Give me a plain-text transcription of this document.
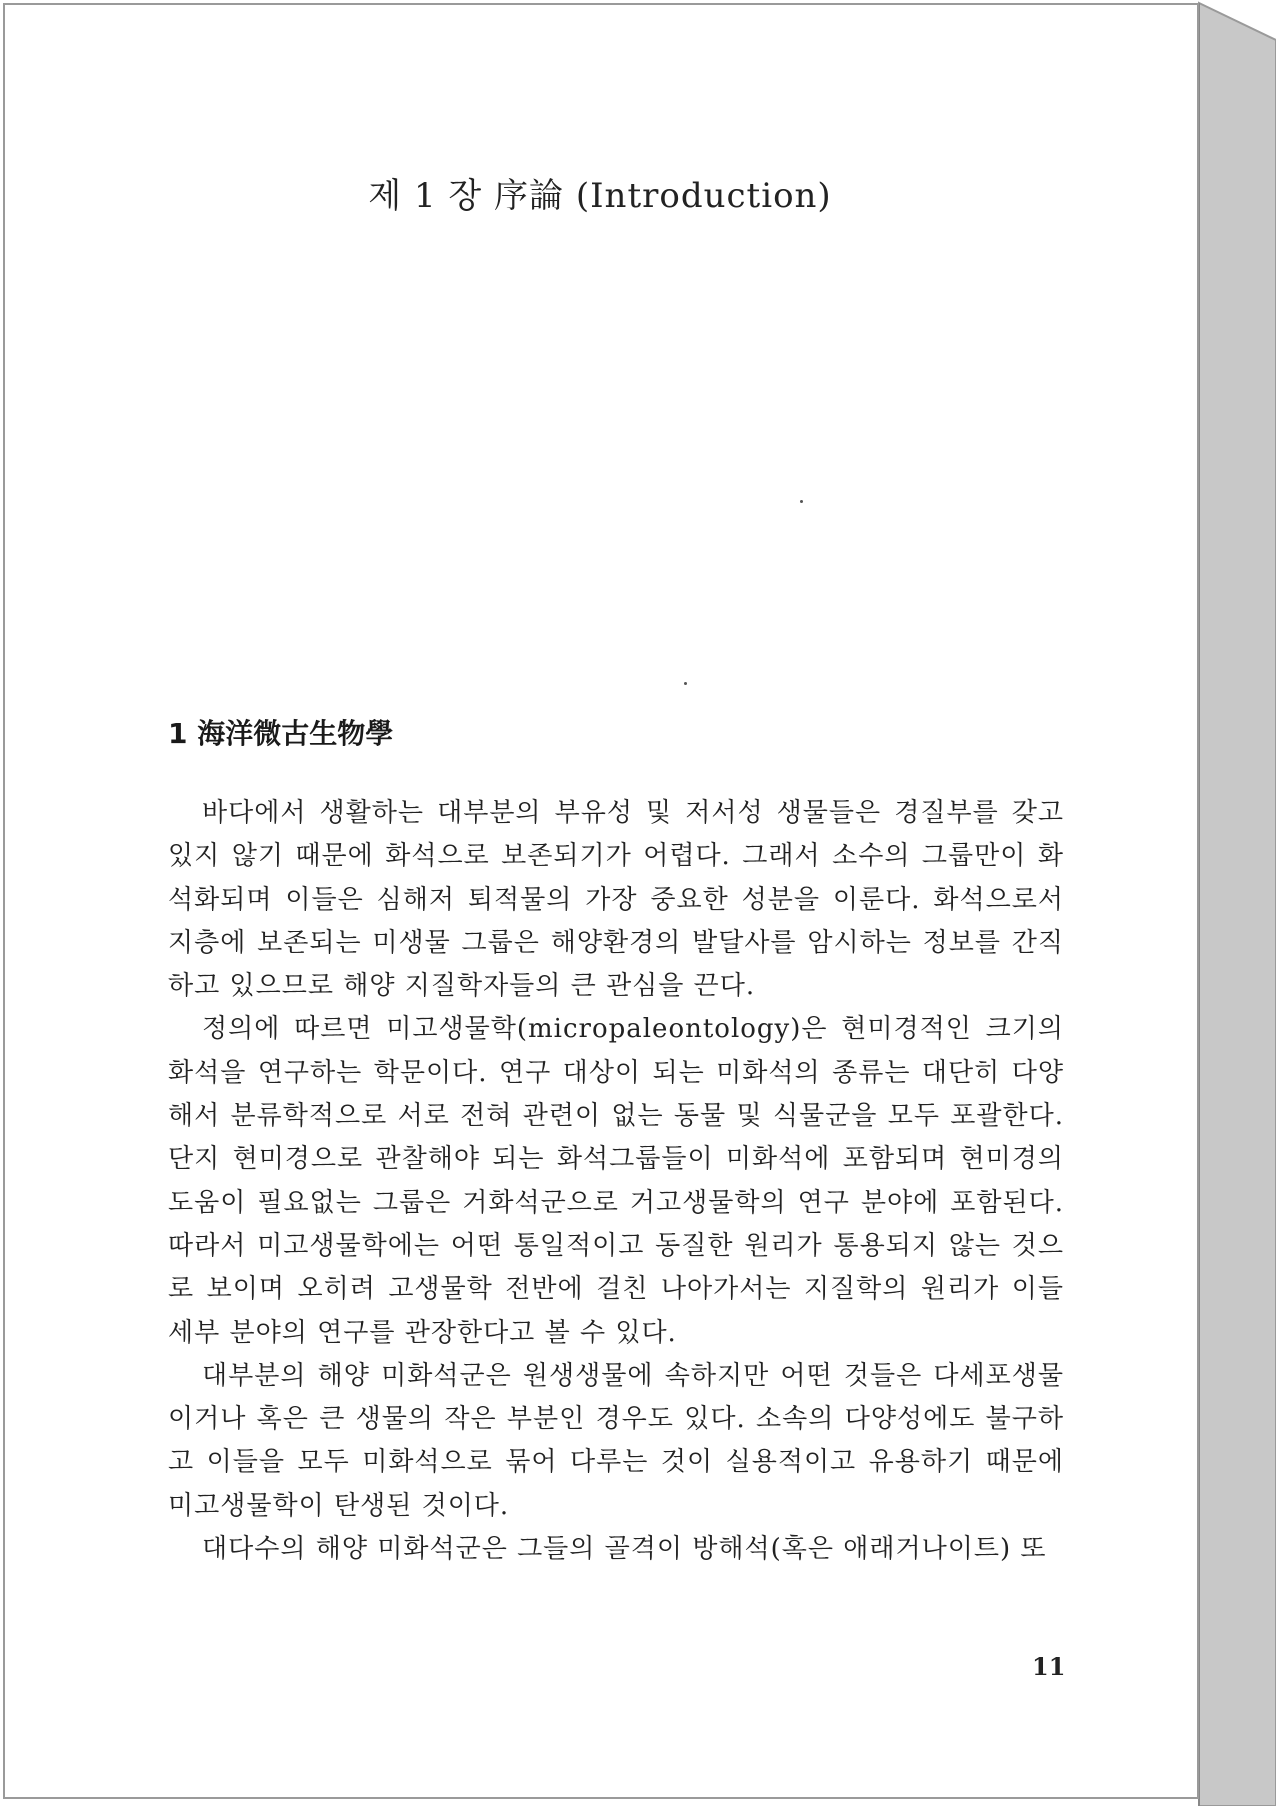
제 1 장 序論 (Introduction)
1 海洋微古生物學

바다에서 생활하는 대부분의 부유성 및 저서성 생물들은 경질부를 갖고 있지 않기 때문에 화석으로 보존되기가 어렵다. 그래서 소수의 그룹만이 화석화되며 이들은 심해저 퇴적물의 가장 중요한 성분을 이룬다. 화석으로서 지층에 보존되는 미생물 그룹은 해양환경의 발달사를 암시하는 정보를 간직하고 있으므로 해양 지질학자들의 큰 관심을 끈다.

정의에 따르면 미고생물학(micropaleontology)은 현미경적인 크기의 화석을 연구하는 학문이다. 연구 대상이 되는 미화석의 종류는 대단히 다양해서 분류학적으로 서로 전혀 관련이 없는 동물 및 식물군을 모두 포괄한다. 단지 현미경으로 관찰해야 되는 화석그룹들이 미화석에 포함되며 현미경의 도움이 필요없는 그룹은 거화석군으로 거고생물학의 연구 분야에 포함된다. 따라서 미고생물학에는 어떤 통일적이고 동질한 원리가 통용되지 않는 것으로 보이며 오히려 고생물학 전반에 걸친 나아가서는 지질학의 원리가 이들 세부 분야의 연구를 관장한다고 볼 수 있다.

대부분의 해양 미화석군은 원생생물에 속하지만 어떤 것들은 다세포생물이거나 혹은 큰 생물의 작은 부분인 경우도 있다. 소속의 다양성에도 불구하고 이들을 모두 미화석으로 묶어 다루는 것이 실용적이고 유용하기 때문에 미고생물학이 탄생된 것이다.

대다수의 해양 미화석군은 그들의 골격이 방해석(혹은 애래거나이트) 또

11
